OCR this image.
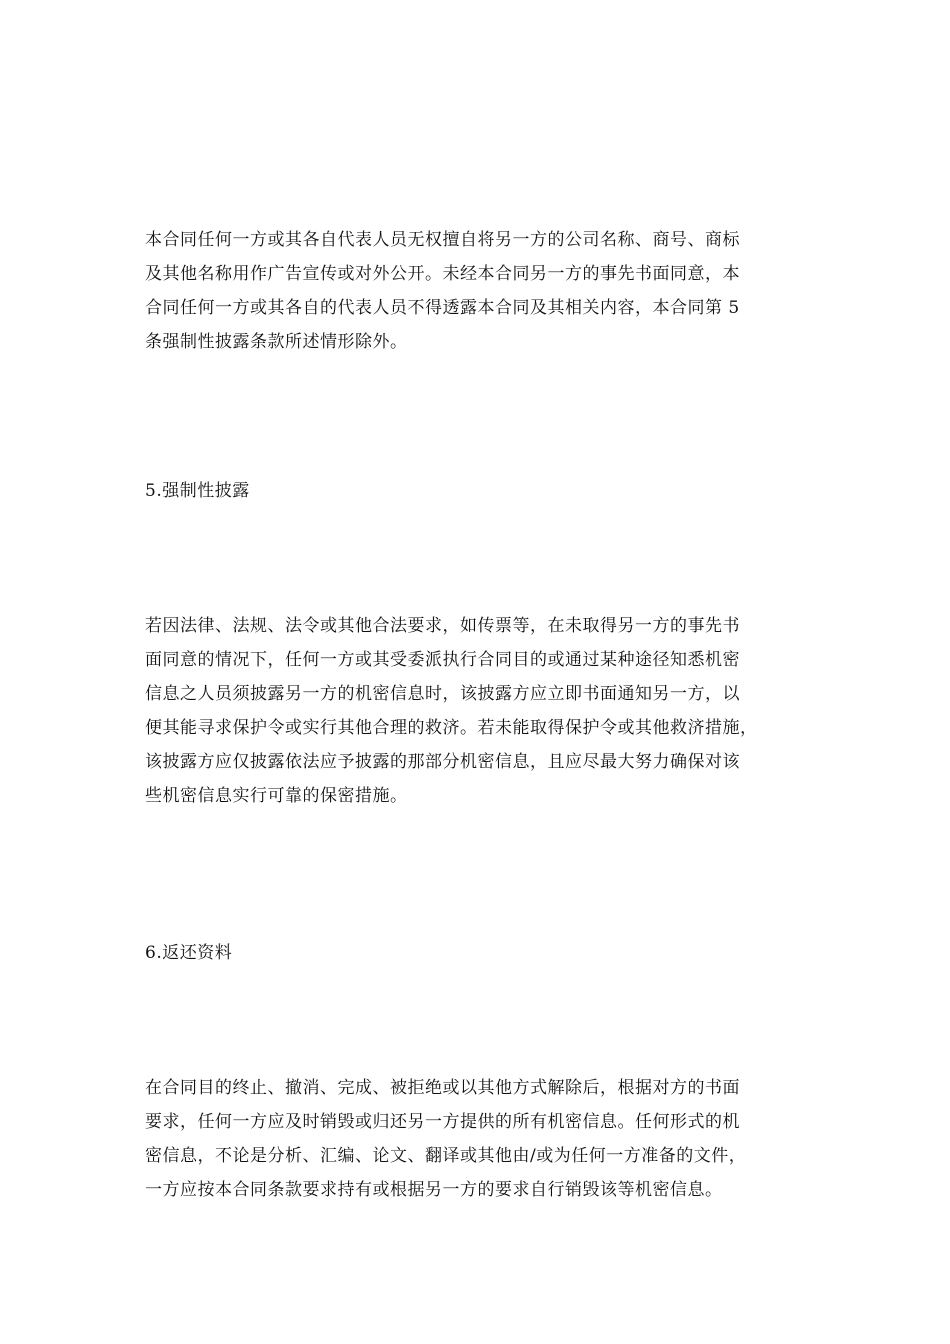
本合同任何一方或其各自代表人员无权擅自将另一方的公司名称、商号、商标
及其他名称用作广告宣传或对外公开。未经本合同另一方的事先书面同意，本
合同任何一方或其各自的代表人员不得透露本合同及其相关内容，本合同第 5
条强制性披露条款所述情形除外。
5.强制性披露
若因法律、法规、法令或其他合法要求，如传票等，在未取得另一方的事先书
面同意的情况下，任何一方或其受委派执行合同目的或通过某种途径知悉机密
信息之人员须披露另一方的机密信息时，该披露方应立即书面通知另一方，以
便其能寻求保护令或实行其他合理的救济。若未能取得保护令或其他救济措施，
该披露方应仅披露依法应予披露的那部分机密信息，且应尽最大努力确保对该
些机密信息实行可靠的保密措施。
6.返还资料
在合同目的终止、撤消、完成、被拒绝或以其他方式解除后，根据对方的书面
要求，任何一方应及时销毁或归还另一方提供的所有机密信息。任何形式的机
密信息，不论是分析、汇编、论文、翻译或其他由/或为任何一方准备的文件，
一方应按本合同条款要求持有或根据另一方的要求自行销毁该等机密信息。
